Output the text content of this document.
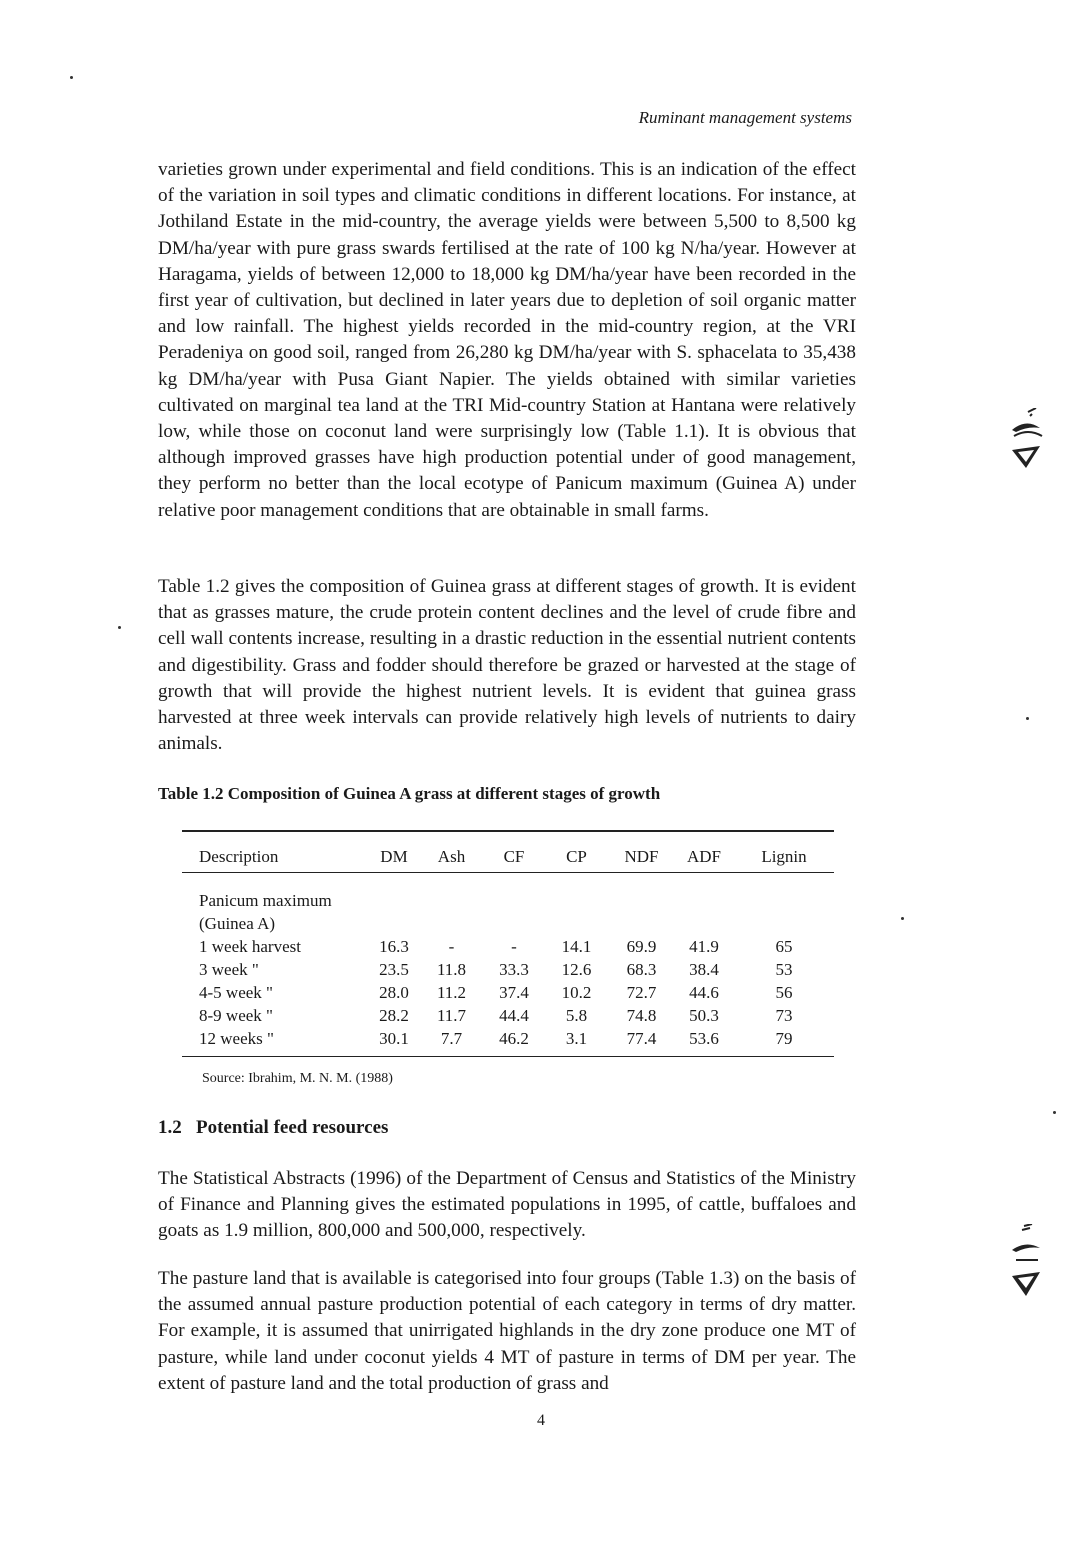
Ruminant management systems

varieties grown under experimental and field conditions. This is an indication of the effect of the variation in soil types and climatic conditions in different locations. For instance, at Jothiland Estate in the mid-country, the average yields were between 5,500 to 8,500 kg DM/ha/year with pure grass swards fertilised at the rate of 100 kg N/ha/year. However at Haragama, yields of between 12,000 to 18,000 kg DM/ha/year have been recorded in the first year of cultivation, but declined in later years due to depletion of soil organic matter and low rainfall. The highest yields recorded in the mid-country region, at the VRI Peradeniya on good soil, ranged from 26,280 kg DM/ha/year with S. sphacelata to 35,438 kg DM/ha/year with Pusa Giant Napier. The yields obtained with similar varieties cultivated on marginal tea land at the TRI Mid-country Station at Hantana were relatively low, while those on coconut land were surprisingly low (Table 1.1). It is obvious that although improved grasses have high production potential under of good management, they perform no better than the local ecotype of Panicum maximum (Guinea A) under relative poor management conditions that are obtainable in small farms.

Table 1.2 gives the composition of Guinea grass at different stages of growth. It is evident that as grasses mature, the crude protein content declines and the level of crude fibre and cell wall contents increase, resulting in a drastic reduction in the essential nutrient contents and digestibility. Grass and fodder should therefore be grazed or harvested at the stage of growth that will provide the highest nutrient levels. It is evident that guinea grass harvested at three week intervals can provide relatively high levels of nutrients to dairy animals.

Table 1.2 Composition of Guinea A grass at different stages of growth
Description	DM	Ash	CF	CP	NDF	ADF	Lignin
Panicum maximum							
(Guinea A)							
1 week harvest	16.3	-	-	14.1	69.9	41.9	65
3 week "	23.5	11.8	33.3	12.6	68.3	38.4	53
4-5 week "	28.0	11.2	37.4	10.2	72.7	44.6	56
8-9 week "	28.2	11.7	44.4	5.8	74.8	50.3	73
12 weeks "	30.1	7.7	46.2	3.1	77.4	53.6	79
Source: Ibrahim, M. N. M. (1988)
1.2 Potential feed resources

The Statistical Abstracts (1996) of the Department of Census and Statistics of the Ministry of Finance and Planning gives the estimated populations in 1995, of cattle, buffaloes and goats as 1.9 million, 800,000 and 500,000, respectively.

The pasture land that is available is categorised into four groups (Table 1.3) on the basis of the assumed annual pasture production potential of each category in terms of dry matter. For example, it is assumed that unirrigated highlands in the dry zone produce one MT of pasture, while land under coconut yields 4 MT of pasture in terms of DM per year. The extent of pasture land and the total production of grass and

4
